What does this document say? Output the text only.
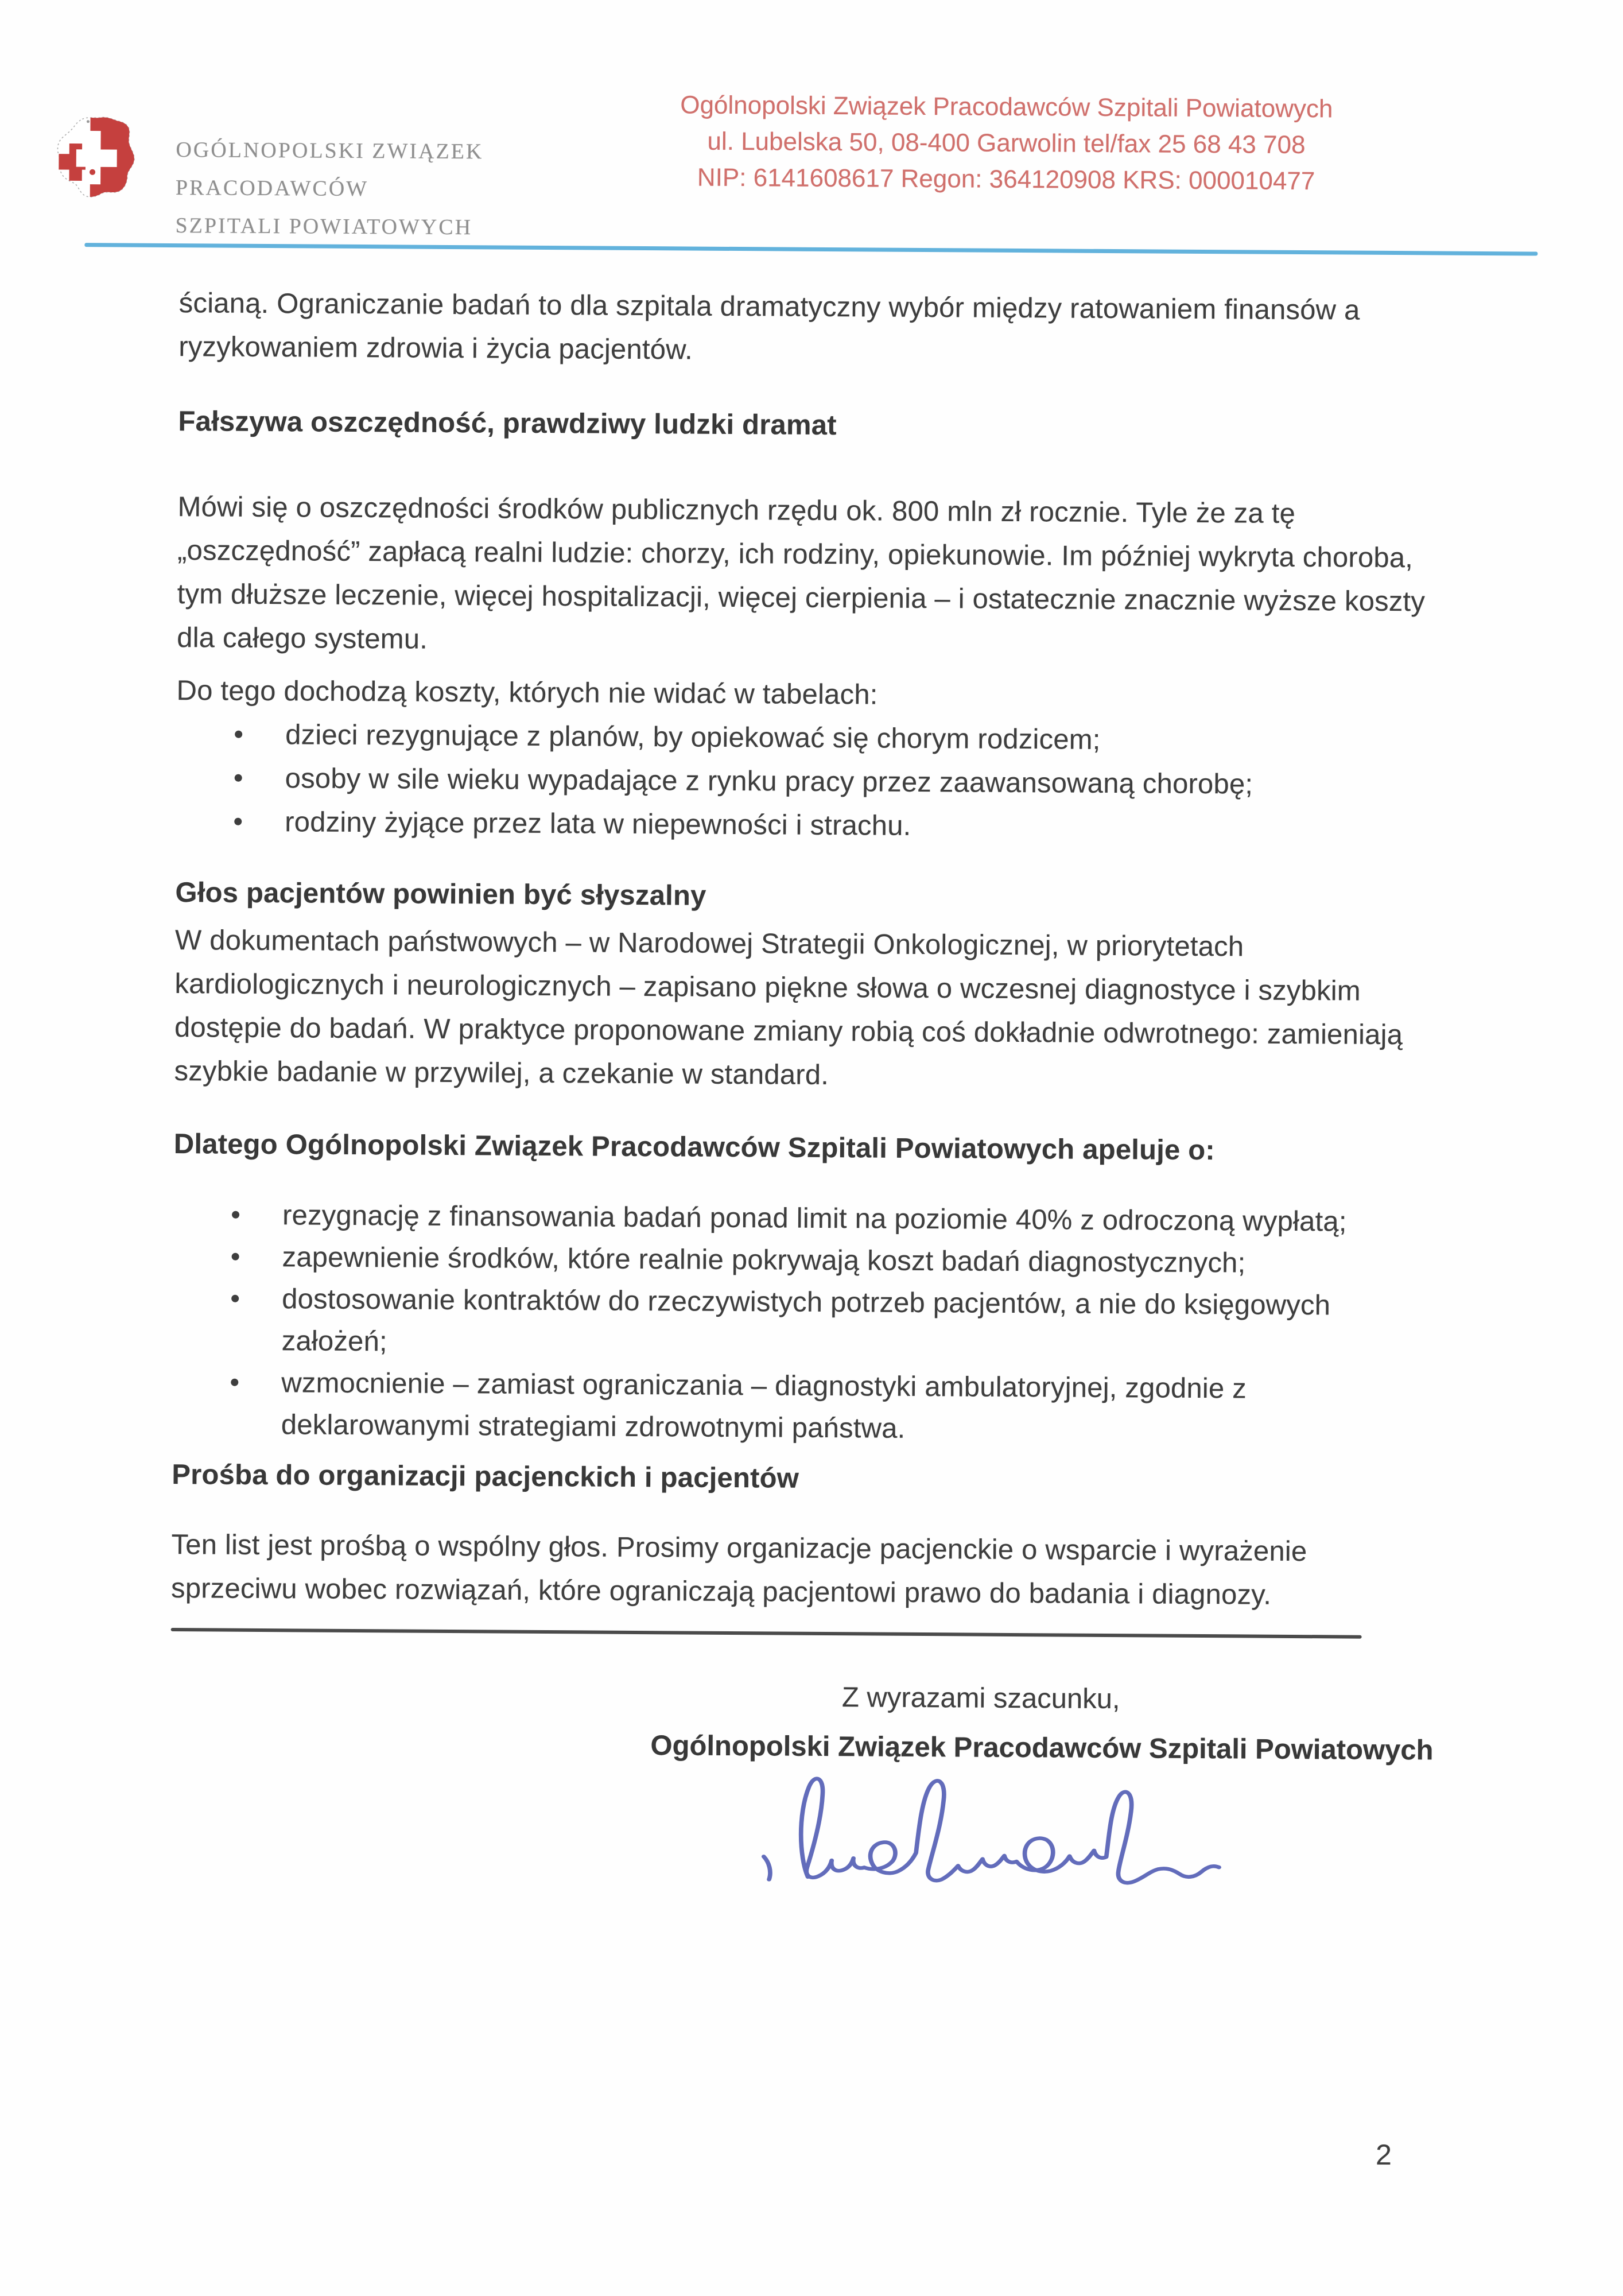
OGÓLNOPOLSKI ZWIĄZEK
PRACODAWCÓW
SZPITALI POWIATOWYCH
Ogólnopolski Związek Pracodawców Szpitali Powiatowych
ul. Lubelska 50, 08-400 Garwolin tel/fax 25 68 43 708
NIP: 6141608617 Regon: 364120908 KRS: 000010477

ścianą. Ograniczanie badań to dla szpitala dramatyczny wybór między ratowaniem finansów a ryzykowaniem zdrowia i życia pacjentów.

Fałszywa oszczędność, prawdziwy ludzki dramat

Mówi się o oszczędności środków publicznych rzędu ok. 800 mln zł rocznie. Tyle że za tę „oszczędność” zapłacą realni ludzie: chorzy, ich rodziny, opiekunowie. Im później wykryta choroba, tym dłuższe leczenie, więcej hospitalizacji, więcej cierpienia – i ostatecznie znacznie wyższe koszty dla całego systemu.

Do tego dochodzą koszty, których nie widać w tabelach:

dzieci rezygnujące z planów, by opiekować się chorym rodzicem;
osoby w sile wieku wypadające z rynku pracy przez zaawansowaną chorobę;
rodziny żyjące przez lata w niepewności i strachu.
Głos pacjentów powinien być słyszalny

W dokumentach państwowych – w Narodowej Strategii Onkologicznej, w priorytetach kardiologicznych i neurologicznych – zapisano piękne słowa o wczesnej diagnostyce i szybkim dostępie do badań. W praktyce proponowane zmiany robią coś dokładnie odwrotnego: zamieniają szybkie badanie w przywilej, a czekanie w standard.

Dlatego Ogólnopolski Związek Pracodawców Szpitali Powiatowych apeluje o:
rezygnację z finansowania badań ponad limit na poziomie 40% z odroczoną wypłatą;
zapewnienie środków, które realnie pokrywają koszt badań diagnostycznych;
dostosowanie kontraktów do rzeczywistych potrzeb pacjentów, a nie do księgowych założeń;
wzmocnienie – zamiast ograniczania – diagnostyki ambulatoryjnej, zgodnie z deklarowanymi strategiami zdrowotnymi państwa.
Prośba do organizacji pacjenckich i pacjentów

Ten list jest prośbą o wspólny głos. Prosimy organizacje pacjenckie o wsparcie i wyrażenie sprzeciwu wobec rozwiązań, które ograniczają pacjentowi prawo do badania i diagnozy.

Z wyrazami szacunku,
Ogólnopolski Związek Pracodawców Szpitali Powiatowych
2
